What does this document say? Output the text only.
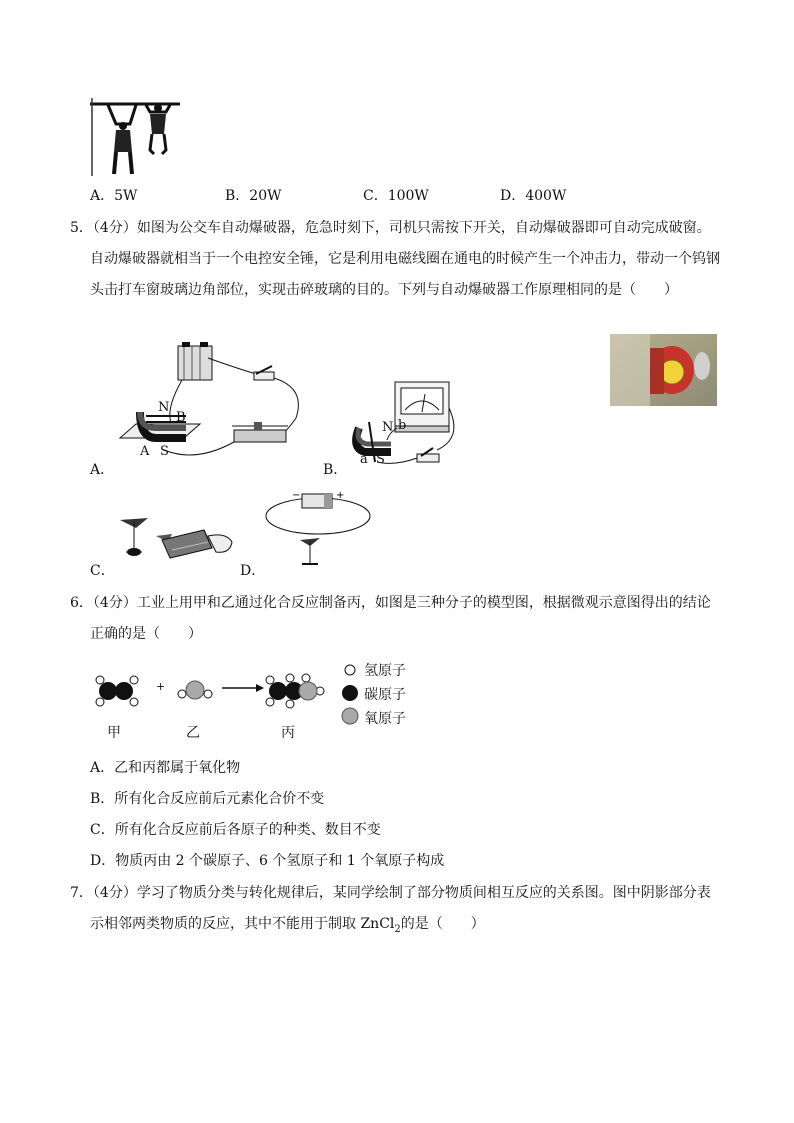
A．5W	B．20W	C．100W	D．400W
5．（4分）如图为公交车自动爆破器，危急时刻下，司机只需按下开关，自动爆破器即可自动完成破窗。
自动爆破器就相当于一个电控安全锤，它是利用电磁线圈在通电的时候产生一个冲击力，带动一个钨钢
头击打车窗玻璃边角部位，实现击碎玻璃的目的。下列与自动爆破器工作原理相同的是（　　）
N
B
A S
A．
N b
a S
B．
C．
−	+
D．
6．（4分）工业上用甲和乙通过化合反应制备丙，如图是三种分子的模型图，根据微观示意图得出的结论
正确的是（　　）
+
甲	乙	丙
氢原子
碳原子
氧原子
A．乙和丙都属于氧化物
B．所有化合反应前后元素化合价不变
C．所有化合反应前后各原子的种类、数目不变
D．物质丙由 2 个碳原子、6 个氢原子和 1 个氧原子构成
7．（4分）学习了物质分类与转化规律后，某同学绘制了部分物质间相互反应的关系图。图中阴影部分表
示相邻两类物质的反应，其中不能用于制取 ZnCl$_2$的是（　　）
